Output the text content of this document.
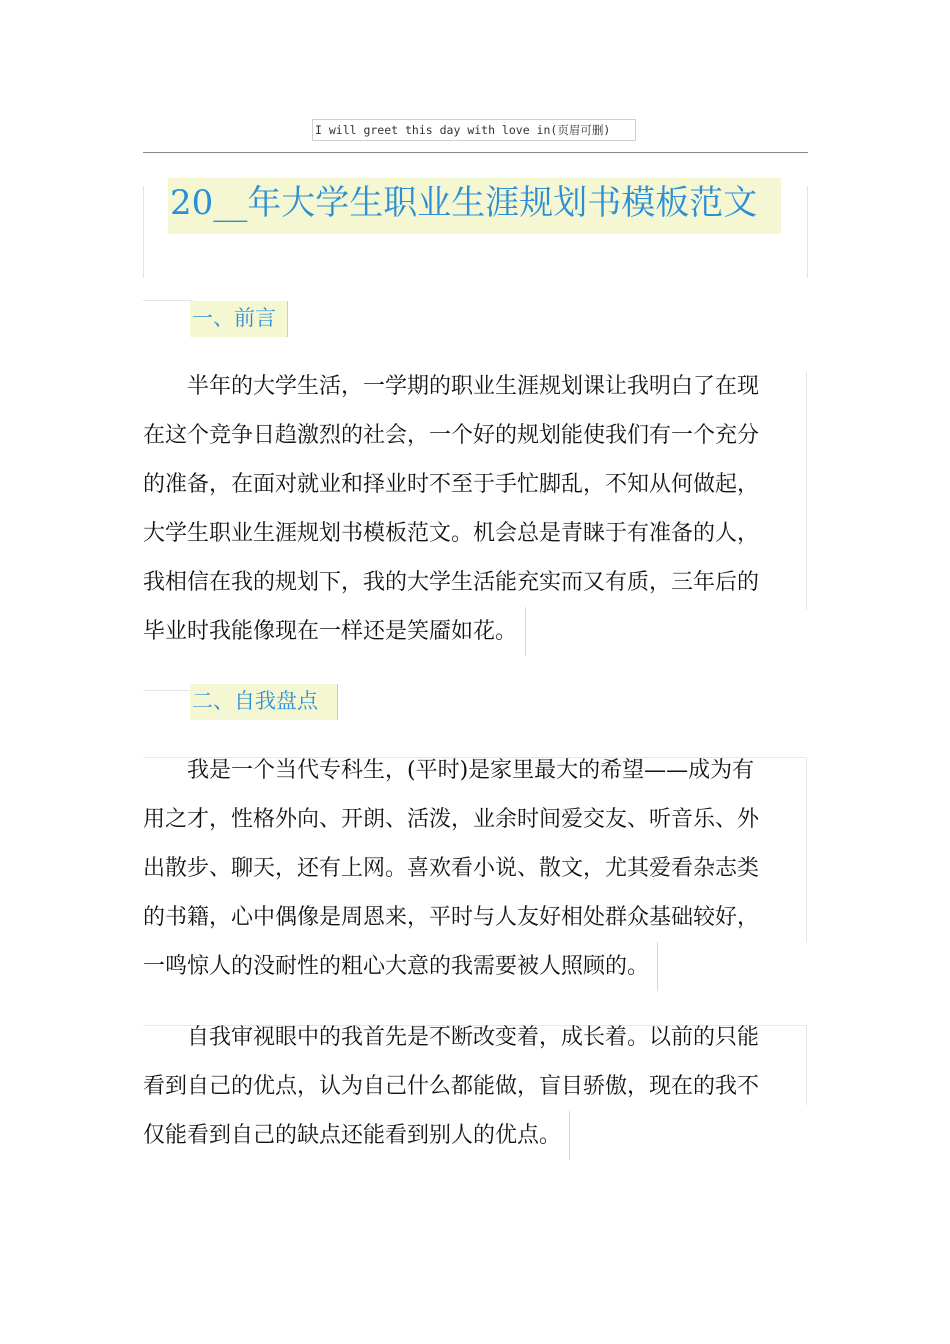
I will greet this day with love in(页眉可删)
20__年大学生职业生涯规划书模板范文
一、前言
　　半年的大学生活，一学期的职业生涯规划课让我明白了在现
在这个竞争日趋激烈的社会，一个好的规划能使我们有一个充分
的准备，在面对就业和择业时不至于手忙脚乱，不知从何做起，
大学生职业生涯规划书模板范文。机会总是青睐于有准备的人，
我相信在我的规划下，我的大学生活能充实而又有质，三年后的
毕业时我能像现在一样还是笑靥如花。
二、自我盘点
　　我是一个当代专科生，(平时)是家里最大的希望——成为有
用之才，性格外向、开朗、活泼，业余时间爱交友、听音乐、外
出散步、聊天，还有上网。喜欢看小说、散文，尤其爱看杂志类
的书籍，心中偶像是周恩来，平时与人友好相处群众基础较好，
一鸣惊人的没耐性的粗心大意的我需要被人照顾的。
　　自我审视眼中的我首先是不断改变着，成长着。以前的只能
看到自己的优点，认为自己什么都能做，盲目骄傲，现在的我不
仅能看到自己的缺点还能看到别人的优点。
